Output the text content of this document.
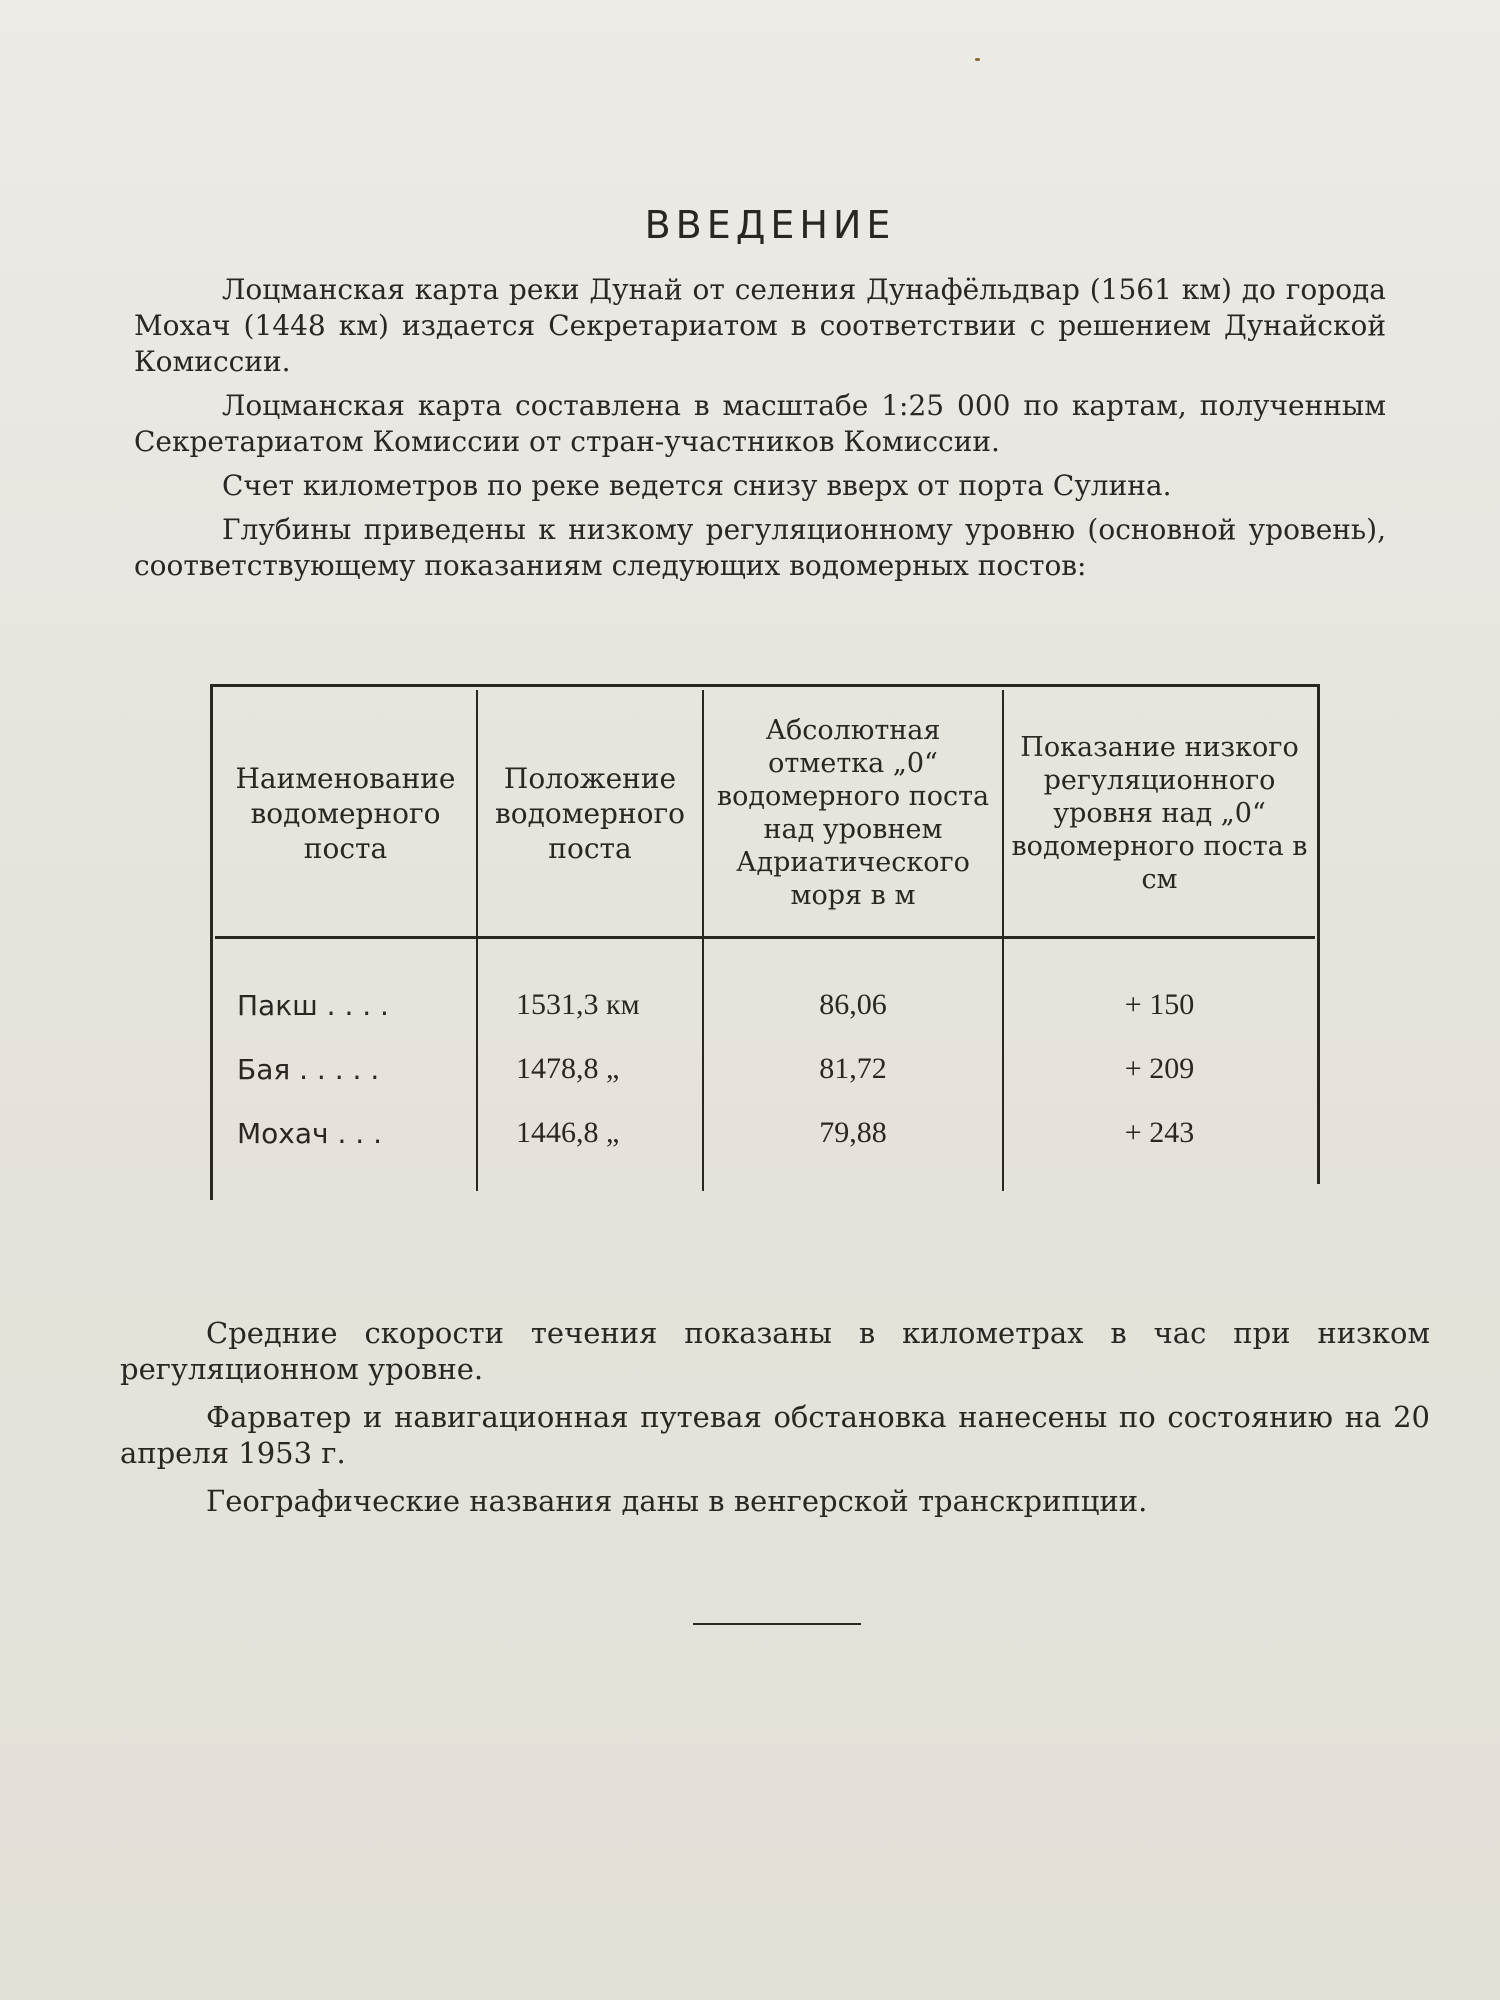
ВВЕДЕНИЕ

Лоцманская карта реки Дунай от селения Дунафёльдвар (1561 км) до города Мохач (1448 км) издается Секретариатом в соответствии с решением Дунайской Комиссии.

Лоцманская карта составлена в масштабе 1:25 000 по картам, полученным Секретариатом Комиссии от стран-участников Комиссии.

Счет километров по реке ведется снизу вверх от порта Сулина.

Глубины приведены к низкому регуляционному уровню (основной уровень), соответствующему показаниям следующих водомерных постов:

Наименование водомерного поста	Положение водомерного поста	Абсолютная отметка „0“ водомерного поста над уровнем Адриатического моря в м	Показание низкого регуляционного уровня над „0“ водомерного поста в см

Пакш . . . .	1531,3 км	86,06	+ 150
Бая . . . . .	1478,8 „	81,72	+ 209
Мохач . . .	1446,8 „	79,88	+ 243

Средние скорости течения показаны в километрах в час при низком регуляционном уровне.

Фарватер и навигационная путевая обстановка нанесены по состоянию на 20 апреля 1953 г.

Географические названия даны в венгерской транскрипции.
